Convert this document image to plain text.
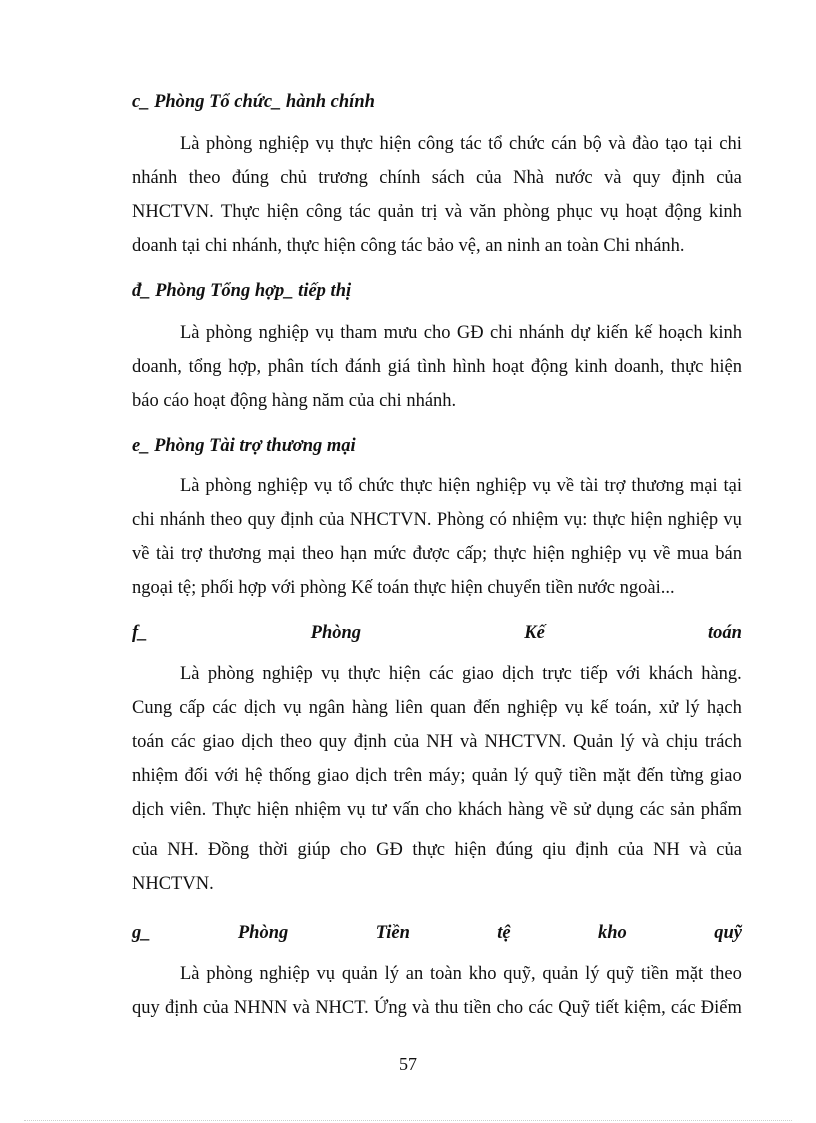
c_ Phòng Tổ chức_ hành chính
Là phòng nghiệp vụ thực hiện công tác tổ chức cán bộ và đào tạo tại chi
nhánh theo đúng chủ trương chính sách của Nhà nước và quy định của
NHCTVN. Thực hiện công tác quản trị và văn phòng phục vụ hoạt động kinh
doanh tại chi nhánh, thực hiện công tác bảo vệ, an ninh an toàn Chi nhánh.
đ_ Phòng Tổng hợp_ tiếp thị
Là phòng nghiệp vụ tham mưu cho GĐ chi nhánh dự kiến kế hoạch kinh
doanh, tổng hợp, phân tích đánh giá tình hình hoạt động kinh doanh, thực hiện
báo cáo hoạt động hàng năm của chi nhánh.
e_ Phòng Tài trợ thương mại
Là phòng nghiệp vụ tổ chức thực hiện nghiệp vụ về tài trợ thương mại tại
chi nhánh theo quy định của NHCTVN. Phòng có nhiệm vụ: thực hiện nghiệp vụ
về tài trợ thương mại theo hạn mức được cấp; thực hiện nghiệp vụ về mua bán
ngoại tệ; phối hợp với phòng Kế toán thực hiện chuyển tiền nước ngoài...
f_	Phòng	Kế	toán
Là phòng nghiệp vụ thực hiện các giao dịch trực tiếp với khách hàng.
Cung cấp các dịch vụ ngân hàng liên quan đến nghiệp vụ kế toán, xử lý hạch
toán các giao dịch theo quy định của NH và NHCTVN. Quản lý và chịu trách
nhiệm đối với hệ thống giao dịch trên máy; quản lý quỹ tiền mặt đến từng giao
dịch viên. Thực hiện nhiệm vụ tư vấn cho khách hàng về sử dụng các sản phẩm
của NH. Đồng thời giúp cho GĐ thực hiện đúng qiu định của NH và của
NHCTVN.
g_	Phòng	Tiền	tệ	kho	quỹ
Là phòng nghiệp vụ quản lý an toàn kho quỹ, quản lý quỹ tiền mặt theo
quy định của NHNN và NHCT. Ứng và thu tiền cho các Quỹ tiết kiệm, các Điểm
57
